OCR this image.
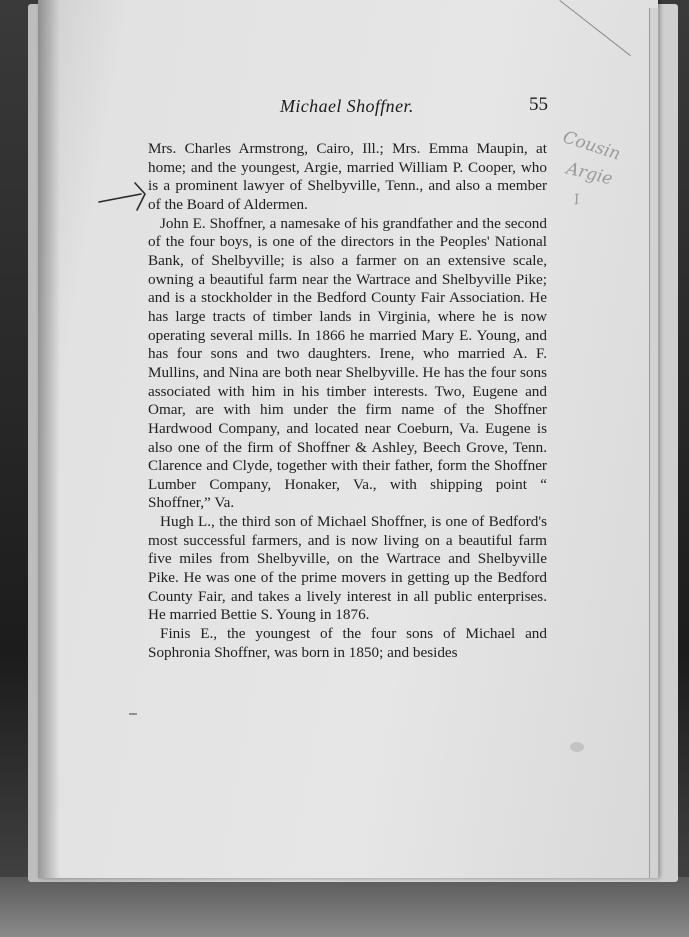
Michael Shoffner.	55

Mrs. Charles Armstrong, Cairo, Ill.; Mrs. Emma Maupin, at home; and the youngest, Argie, married William P. Cooper, who is a prominent lawyer of Shelbyville, Tenn., and also a member of the Board of Aldermen.

John E. Shoffner, a namesake of his grandfather and the second of the four boys, is one of the directors in the Peoples' National Bank, of Shelbyville; is also a farmer on an extensive scale, owning a beautiful farm near the Wartrace and Shelbyville Pike; and is a stockholder in the Bedford County Fair Association. He has large tracts of timber lands in Virginia, where he is now operating several mills. In 1866 he married Mary E. Young, and has four sons and two daughters. Irene, who married A. F. Mullins, and Nina are both near Shelbyville. He has the four sons associated with him in his timber interests. Two, Eugene and Omar, are with him under the firm name of the Shoffner Hardwood Company, and located near Coeburn, Va. Eugene is also one of the firm of Shoffner & Ashley, Beech Grove, Tenn. Clarence and Clyde, together with their father, form the Shoffner Lumber Company, Honaker, Va., with shipping point “ Shoffner,” Va.

Hugh L., the third son of Michael Shoffner, is one of Bedford's most successful farmers, and is now living on a beautiful farm five miles from Shelbyville, on the Wartrace and Shelbyville Pike. He was one of the prime movers in getting up the Bedford County Fair, and takes a lively interest in all public enterprises. He married Bettie S. Young in 1876.

Finis E., the youngest of the four sons of Michael and Sophronia Shoffner, was born in 1850; and besides

Cousin
Argie
I
